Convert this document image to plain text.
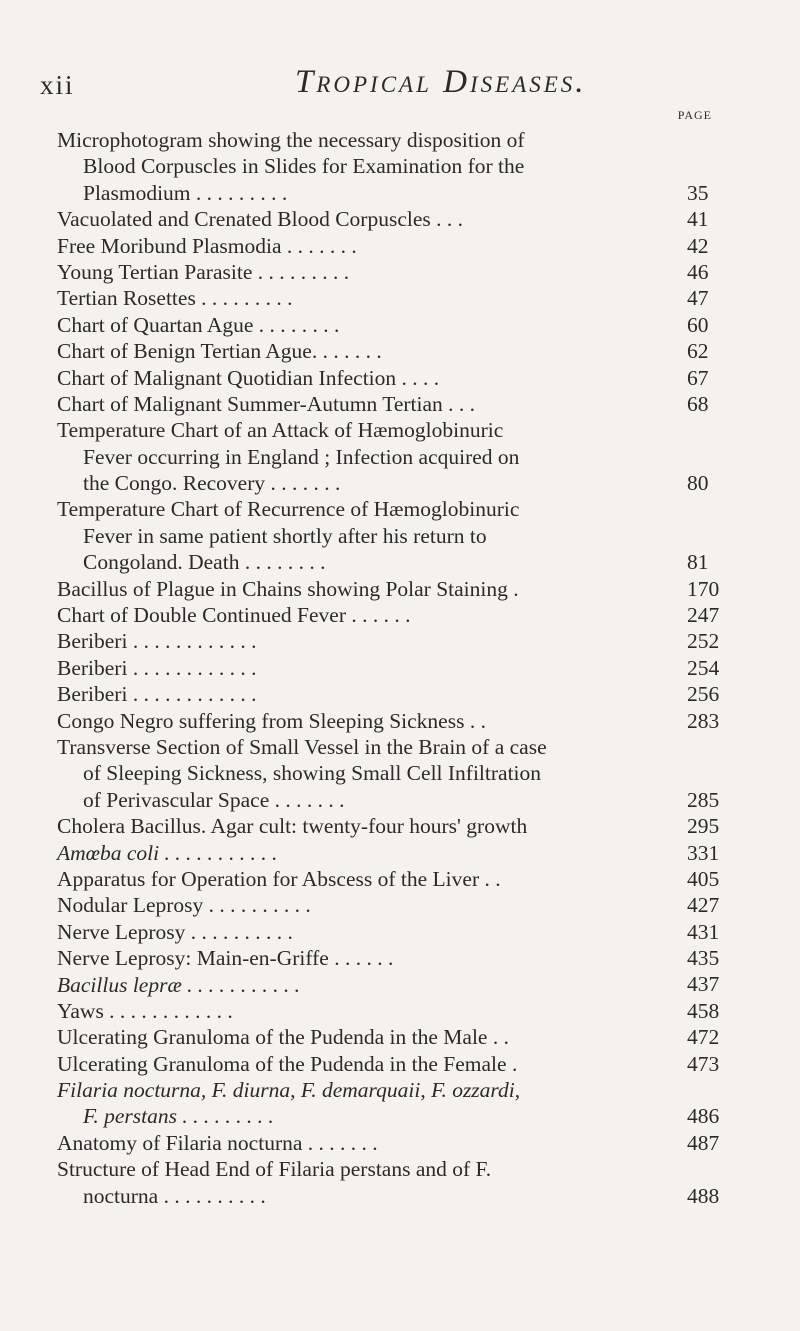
xii	Tropical Diseases.
PAGE
Microphotogram showing the necessary disposition of
Blood Corpuscles in Slides for Examination for the
Plasmodium . . . . . . . . .	35
Vacuolated and Crenated Blood Corpuscles . . .	41
Free Moribund Plasmodia . . . . . . .	42
Young Tertian Parasite . . . . . . . . .	46
Tertian Rosettes . . . . . . . . .	47
Chart of Quartan Ague . . . . . . . .	60
Chart of Benign Tertian Ague. . . . . . .	62
Chart of Malignant Quotidian Infection . . . .	67
Chart of Malignant Summer-Autumn Tertian . . .	68
Temperature Chart of an Attack of Hæmoglobinuric
Fever occurring in England ; Infection acquired on
the Congo. Recovery . . . . . . .	80
Temperature Chart of Recurrence of Hæmoglobinuric
Fever in same patient shortly after his return to
Congoland. Death . . . . . . . .	81
Bacillus of Plague in Chains showing Polar Staining .	170
Chart of Double Continued Fever . . . . . .	247
Beriberi . . . . . . . . . . . .	252
Beriberi . . . . . . . . . . . .	254
Beriberi . . . . . . . . . . . .	256
Congo Negro suffering from Sleeping Sickness . .	283
Transverse Section of Small Vessel in the Brain of a case
of Sleeping Sickness, showing Small Cell Infiltration
of Perivascular Space . . . . . . .	285
Cholera Bacillus. Agar cult: twenty-four hours' growth	295
Amœba coli . . . . . . . . . . .	331
Apparatus for Operation for Abscess of the Liver . .	405
Nodular Leprosy . . . . . . . . . .	427
Nerve Leprosy . . . . . . . . . .	431
Nerve Leprosy: Main-en-Griffe . . . . . .	435
Bacillus lepræ . . . . . . . . . . .	437
Yaws . . . . . . . . . . . .	458
Ulcerating Granuloma of the Pudenda in the Male . .	472
Ulcerating Granuloma of the Pudenda in the Female .	473
Filaria nocturna, F. diurna, F. demarquaii, F. ozzardi,
F. perstans . . . . . . . . .	486
Anatomy of Filaria nocturna . . . . . . .	487
Structure of Head End of Filaria perstans and of F.
nocturna . . . . . . . . . .	488
